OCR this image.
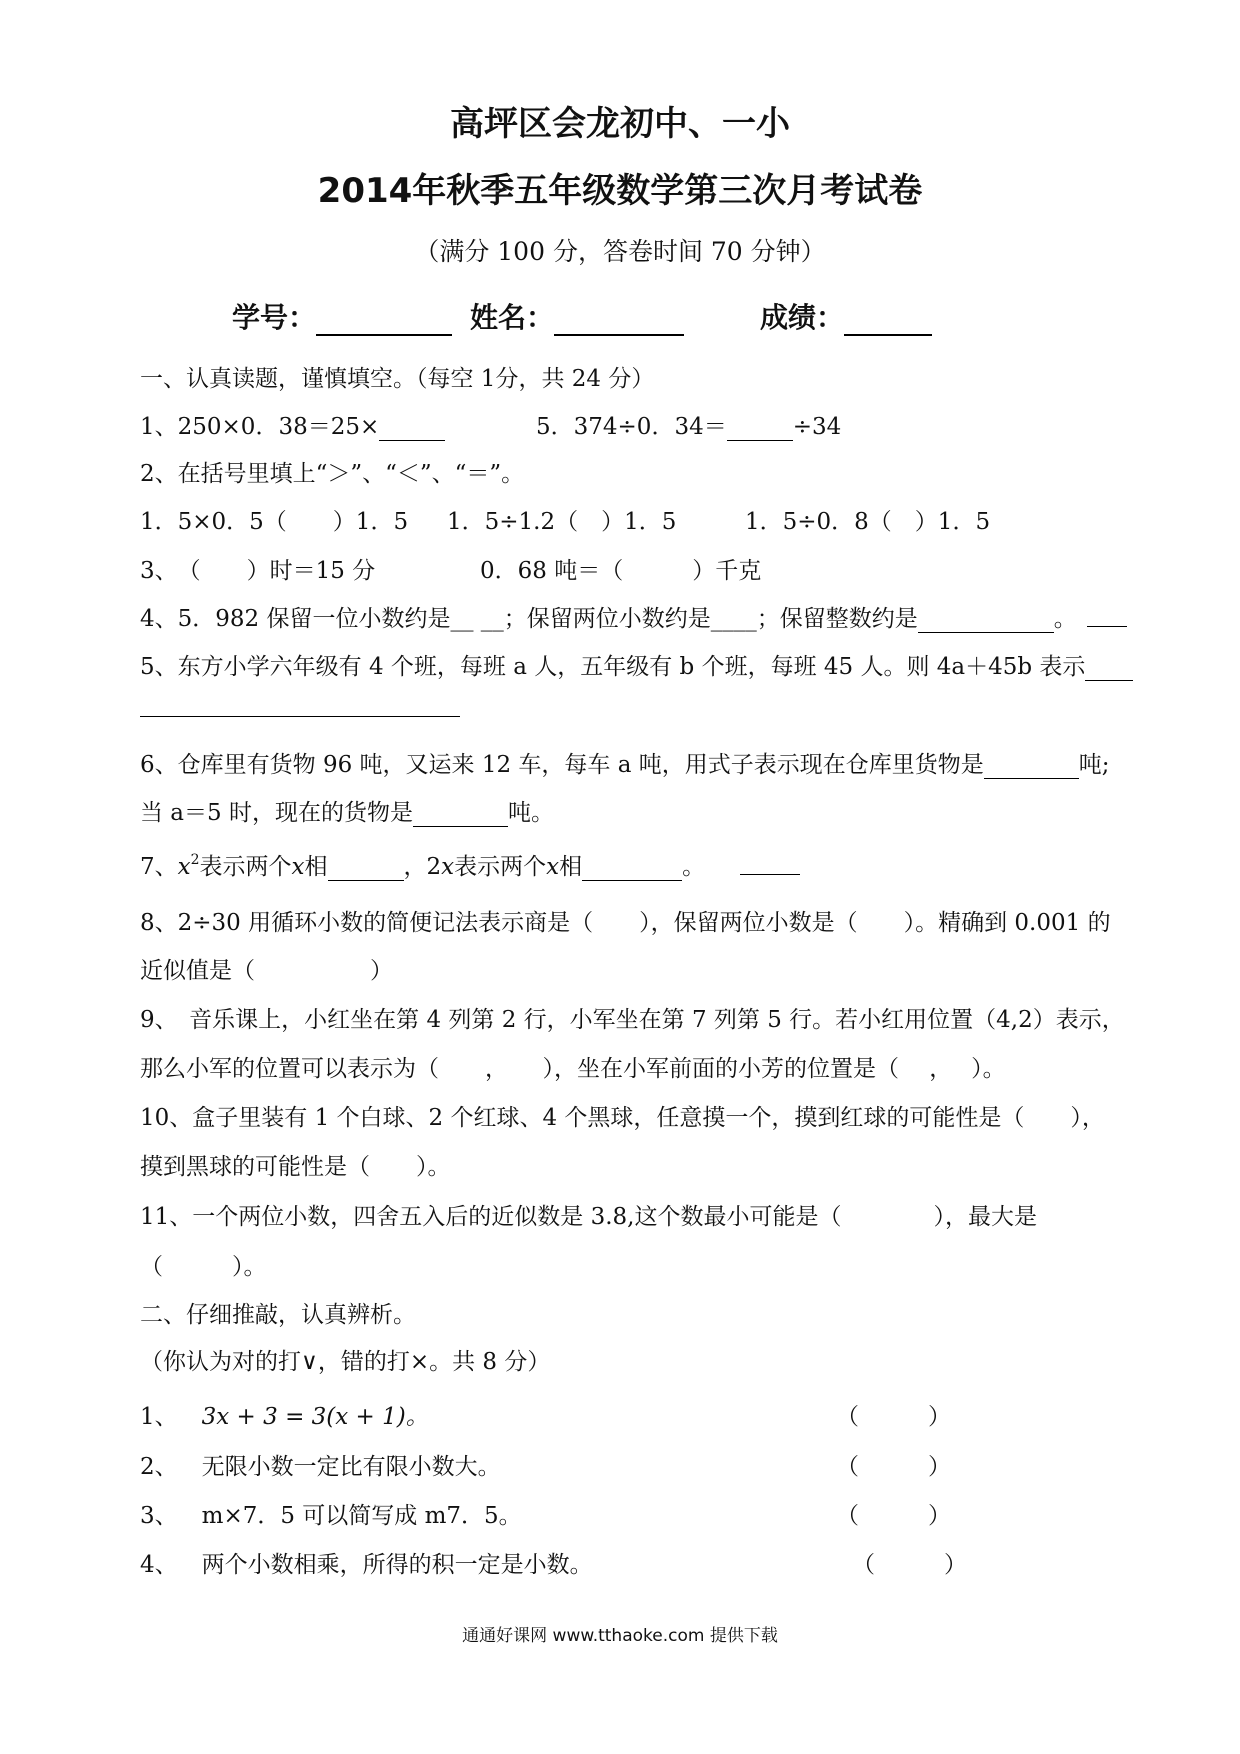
高坪区会龙初中、一小
2014年秋季五年级数学第三次月考试卷
（满分 100 分，答卷时间 70 分钟）
学号：	姓名：	成绩：
一、认真读题，谨慎填空。（每空 1分，共 24 分）
1、250×0．38＝25×	5．374÷0．34＝	÷34
2、在括号里填上“＞”、“＜”、“＝”。
1．5×0．5（　　）1．5 1．5÷1.2（　）1．5	1．5÷0．8（　）1．5
3、　（　　）时＝15 分	0．68 吨＝（　　　）千克
4、5．982 保留一位小数约是__ __；保留两位小数约是____；保留整数约是	。
5、东方小学六年级有 4 个班，每班 a 人，五年级有 b 个班，每班 45 人。则 4a＋45b 表示
6、仓库里有货物 96 吨，又运来 12 车，每车 a 吨，用式子表示现在仓库里货物是	吨;
当 a＝5 时，现在的货物是	吨。
7、$x^2$表示两个x相	，2x表示两个x相	。
8、2÷30 用循环小数的简便记法表示商是（　　），保留两位小数是（　　）。精确到 0.001 的
近似值是（　　　　　）
9、　音乐课上，小红坐在第 4 列第 2 行，小军坐在第 7 列第 5 行。若小红用位置（4,2）表示，
那么小军的位置可以表示为（　　，　　），坐在小军前面的小芳的位置是（　 ，　 ）。
10、盒子里装有 1 个白球、2 个红球、4 个黑球，任意摸一个，摸到红球的可能性是（　　），
摸到黑球的可能性是（　　）。
11、一个两位小数，四舍五入后的近似数是 3.8,这个数最小可能是（　　　　），最大是
（　　　）。
二、仔细推敲，认真辨析。
（你认为对的打∨，错的打×。共 8 分）
1、 3x + 3 = 3(x + 1)。	（　　　）
2、 无限小数一定比有限小数大。	（　　　）
3、 m×7．5 可以简写成 m7．5。	（　　　）
4、 两个小数相乘，所得的积一定是小数。	（　　　）
通通好课网 www.tthaoke.com 提供下载
